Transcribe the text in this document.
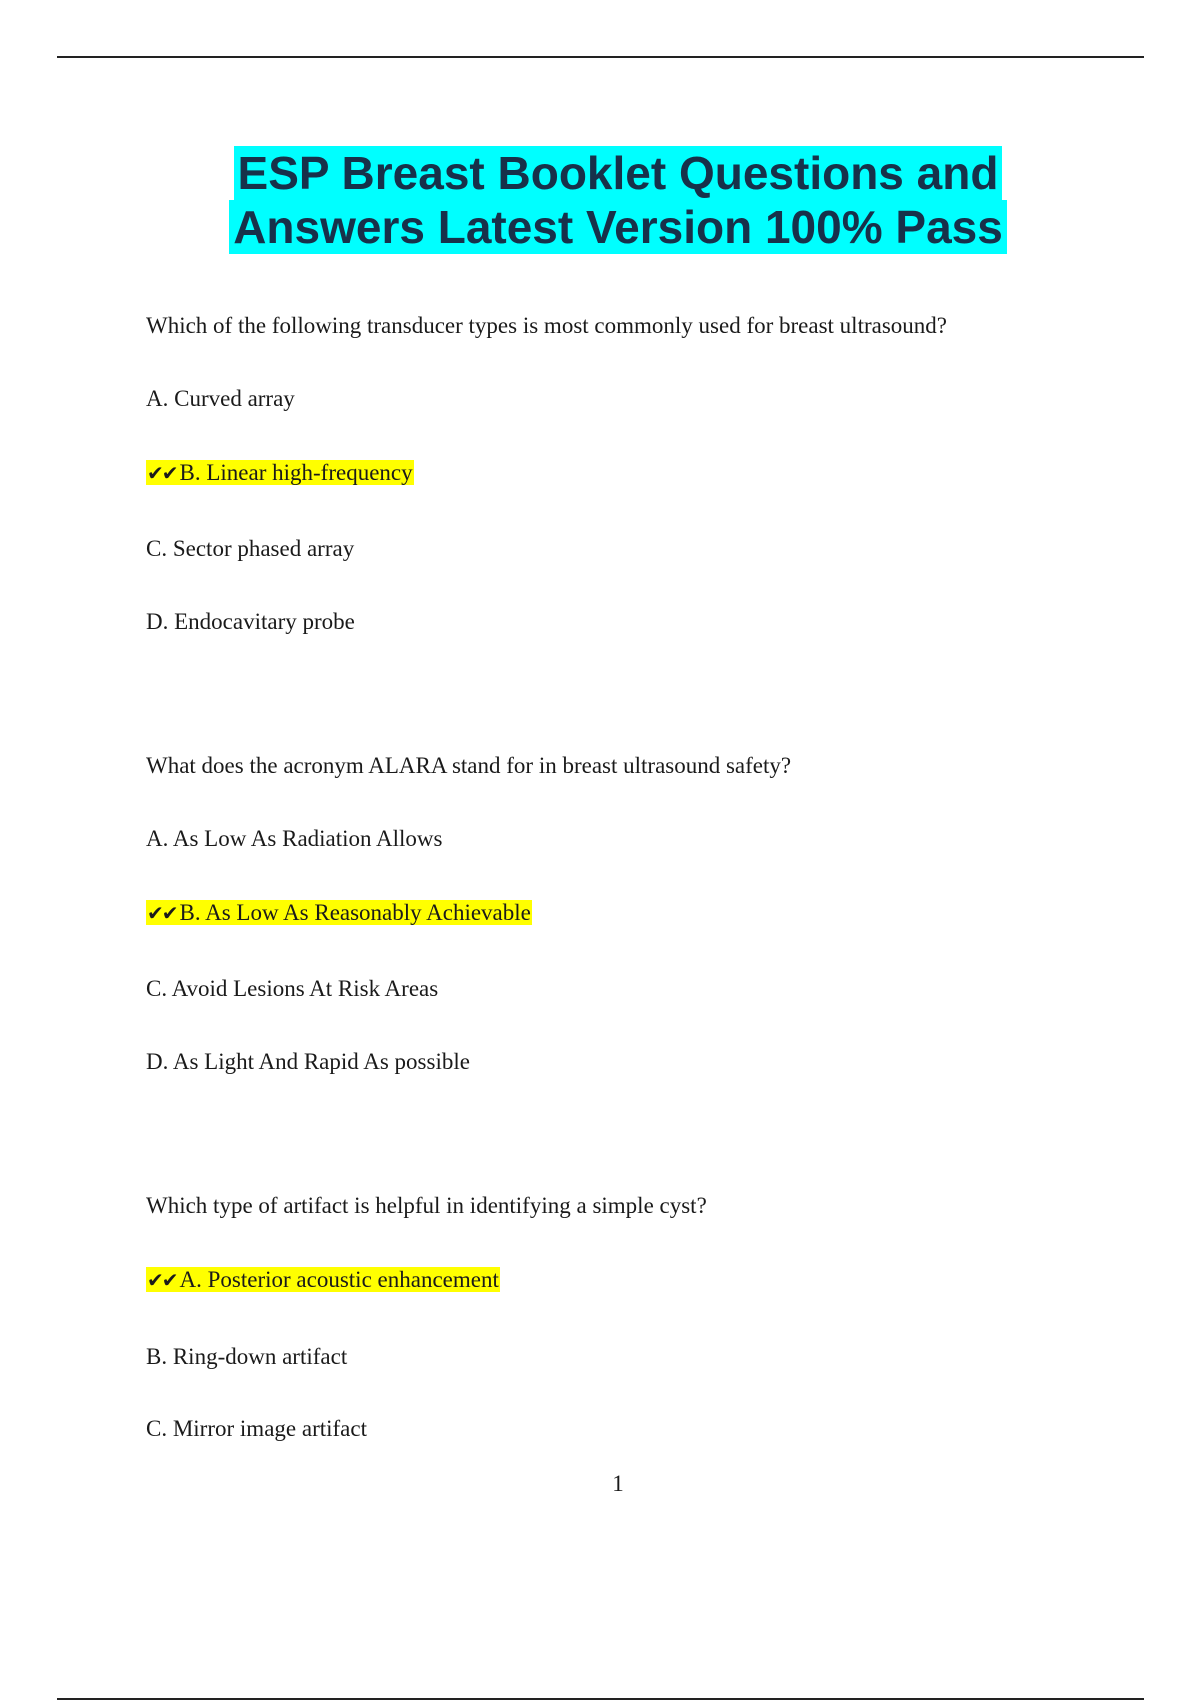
ESP Breast Booklet Questions and
Answers Latest Version 100% Pass
Which of the following transducer types is most commonly used for breast ultrasound?
A. Curved array
✔✔ B. Linear high-frequency
C. Sector phased array
D. Endocavitary probe
What does the acronym ALARA stand for in breast ultrasound safety?
A. As Low As Radiation Allows
✔✔ B. As Low As Reasonably Achievable
C. Avoid Lesions At Risk Areas
D. As Light And Rapid As possible
Which type of artifact is helpful in identifying a simple cyst?
✔✔ A. Posterior acoustic enhancement
B. Ring-down artifact
C. Mirror image artifact
1
